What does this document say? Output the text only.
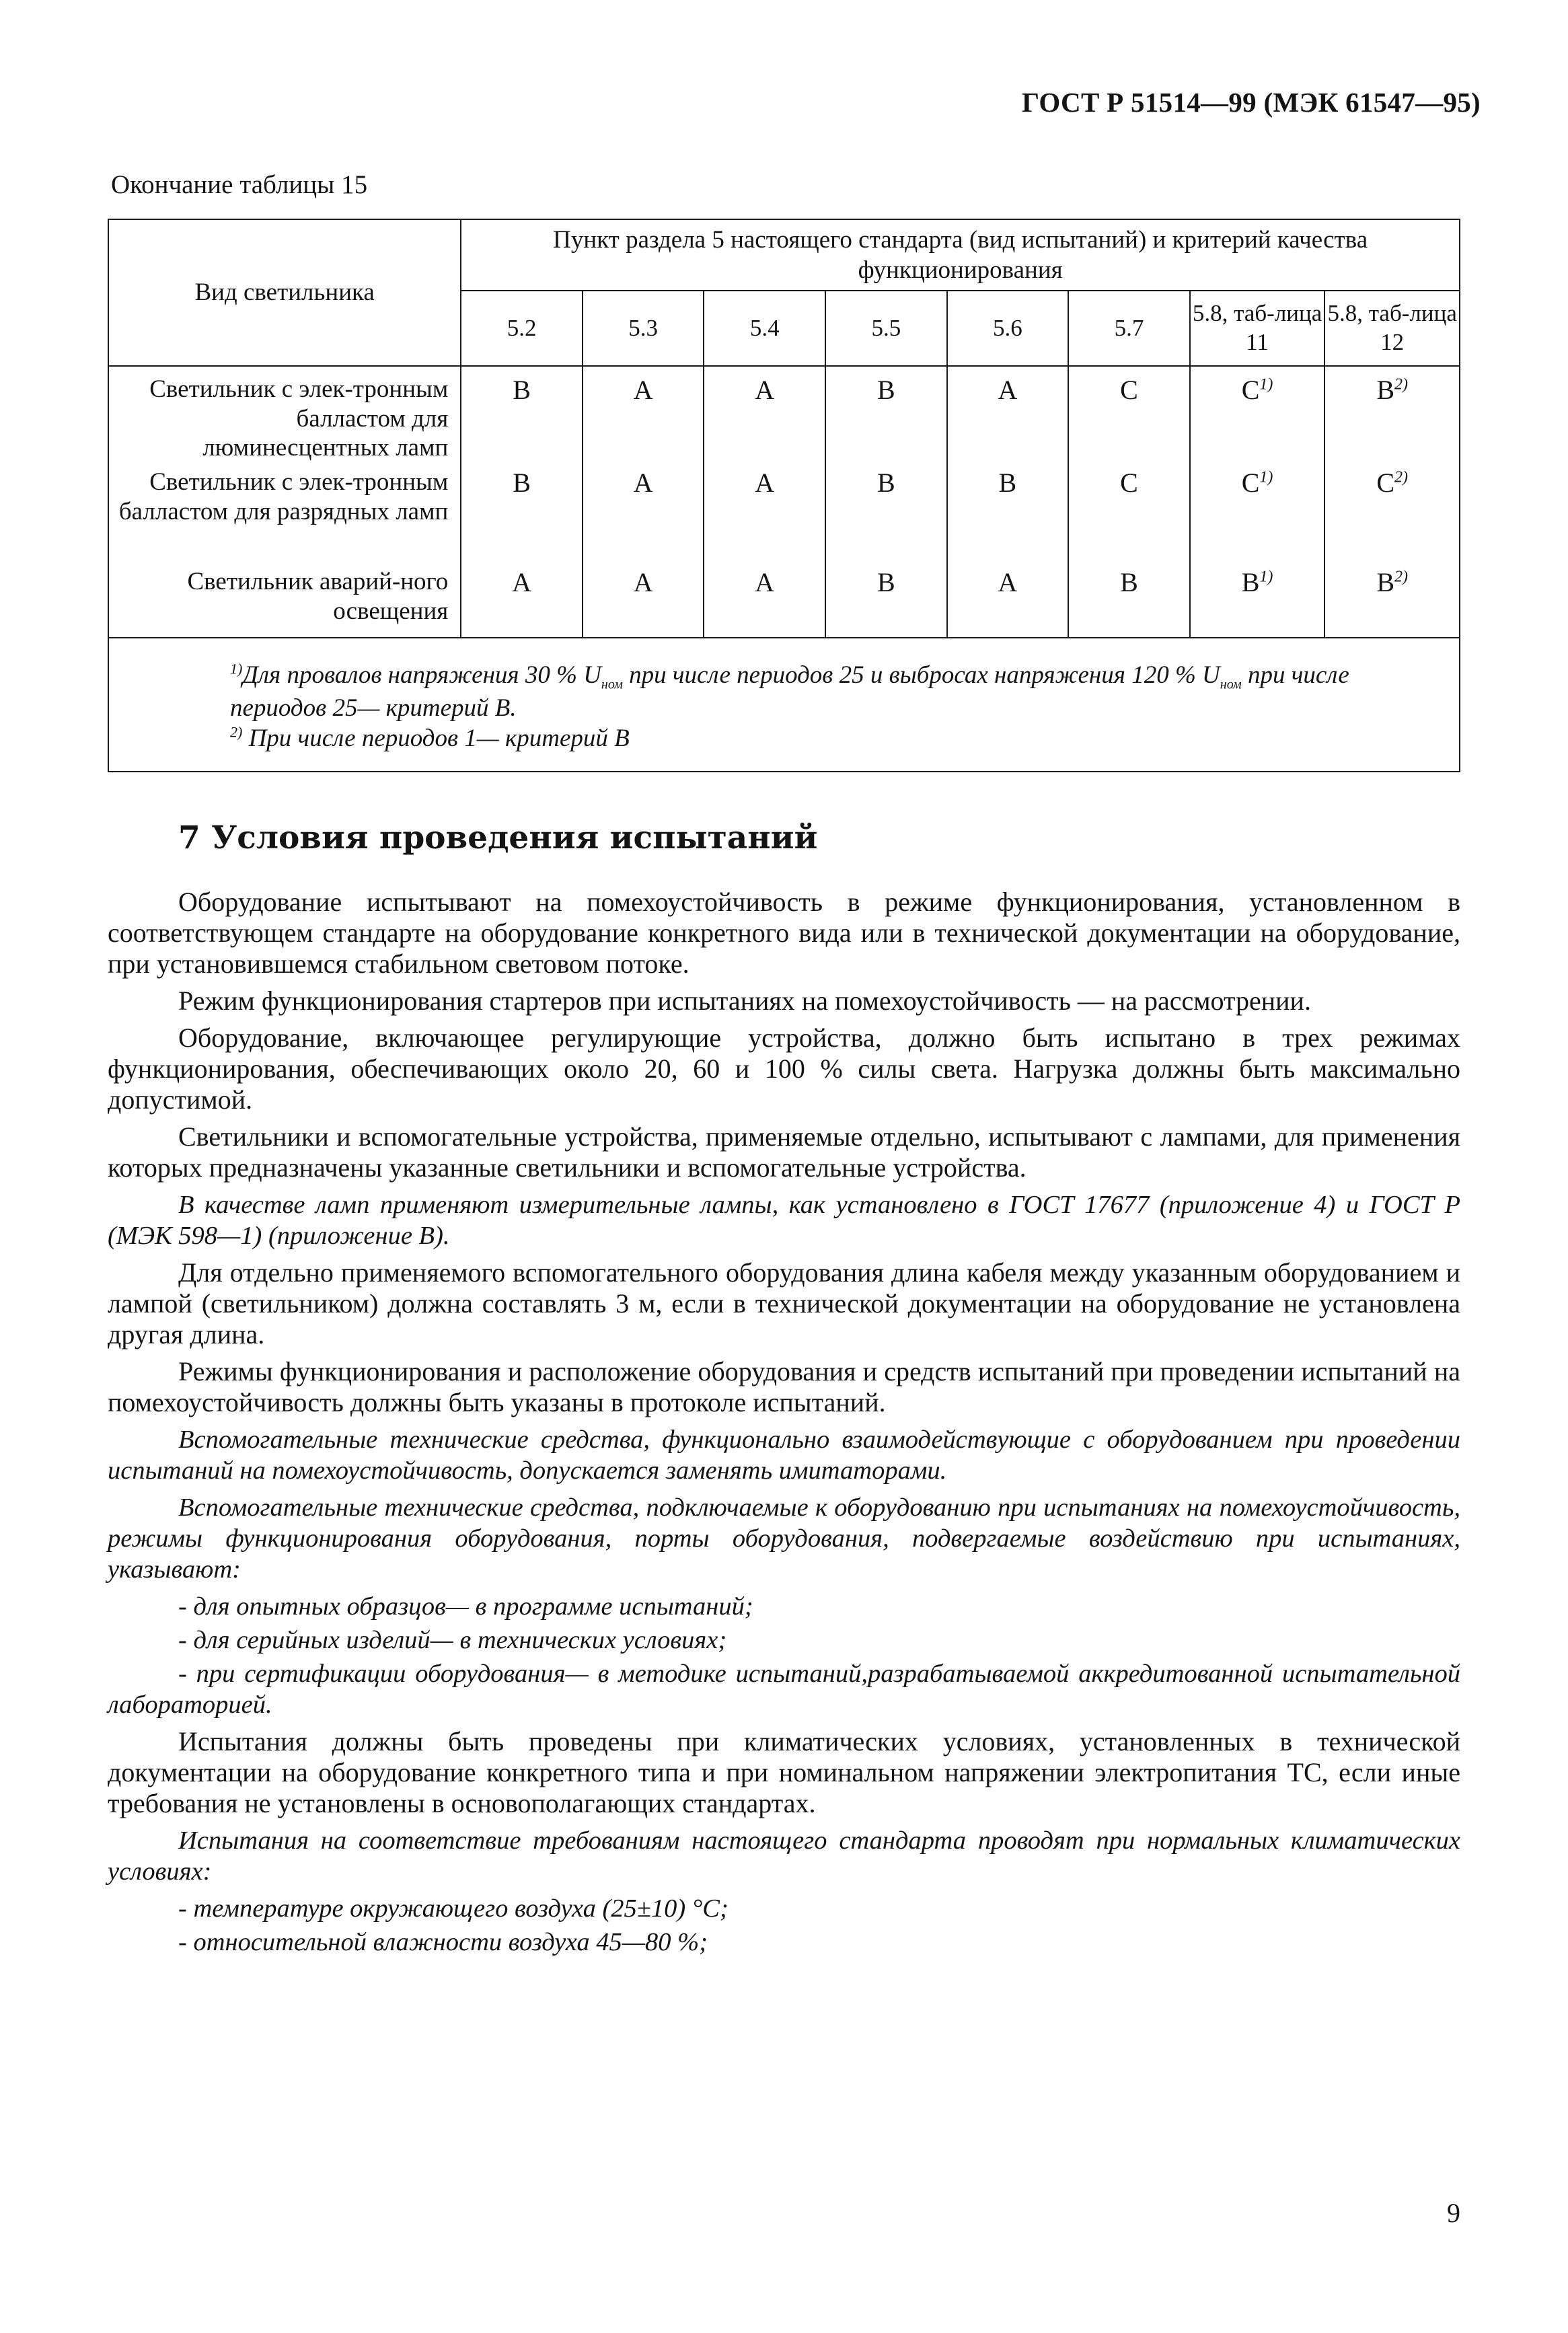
ГОСТ Р 51514—99 (МЭК 61547—95)
Окончание таблицы 15
Вид светильника	Пункт раздела 5 настоящего стандарта (вид испытаний) и критерий качества функционирования							
	5.2	5.3	5.4	5.5	5.6	5.7	5.8, таб-лица 11	5.8, таб-лица 12
Светильник с элек-тронным балластом для люминесцентных ламп	B	A	A	B	A	C	$C^{1)}$	$B^{2)}$
Светильник с элек-тронным балластом для разрядных ламп	B	A	A	B	B	C	$C^{1)}$	$C^{2)}$
Светильник аварий-ного освещения	A	A	A	B	A	B	$B^{1)}$	$B^{2)}$

$^{1)}$Для провалов напряжения 30 % $U_{ном}$ при числе периодов 25 и выбросах напряжения 120 % $U_{ном}$ при числе периодов 25— критерий B.

$^{2)}$ При числе периодов 1— критерий B								

7 Условия проведения испытаний

Оборудование испытывают на помехоустойчивость в режиме функционирования, установленном в соответствующем стандарте на оборудование конкретного вида или в технической документации на оборудование, при установившемся стабильном световом потоке.

Режим функционирования стартеров при испытаниях на помехоустойчивость — на рассмотрении.

Оборудование, включающее регулирующие устройства, должно быть испытано в трех режимах функционирования, обеспечивающих около 20, 60 и 100 % силы света. Нагрузка должны быть максимально допустимой.

Светильники и вспомогательные устройства, применяемые отдельно, испытывают с лампами, для применения которых предназначены указанные светильники и вспомогательные устройства.

В качестве ламп применяют измерительные лампы, как установлено в ГОСТ 17677 (приложение 4) и ГОСТ Р (МЭК 598—1) (приложение В).

Для отдельно применяемого вспомогательного оборудования длина кабеля между указанным оборудованием и лампой (светильником) должна составлять 3 м, если в технической документации на оборудование не установлена другая длина.

Режимы функционирования и расположение оборудования и средств испытаний при проведении испытаний на помехоустойчивость должны быть указаны в протоколе испытаний.

Вспомогательные технические средства, функционально взаимодействующие с оборудованием при проведении испытаний на помехоустойчивость, допускается заменять имитаторами.

Вспомогательные технические средства, подключаемые к оборудованию при испытаниях на помехоустойчивость, режимы функционирования оборудования, порты оборудования, подвергаемые воздействию при испытаниях, указывают:

- для опытных образцов— в программе испытаний;

- для серийных изделий— в технических условиях;

- при сертификации оборудования— в методике испытаний,разрабатываемой аккредитованной испытательной лабораторией.

Испытания должны быть проведены при климатических условиях, установленных в технической документации на оборудование конкретного типа и при номинальном напряжении электропитания ТС, если иные требования не установлены в основополагающих стандартах.

Испытания на соответствие требованиям настоящего стандарта проводят при нормальных климатических условиях:

- температуре окружающего воздуха (25±10) °С;

- относительной влажности воздуха 45—80 %;

9
